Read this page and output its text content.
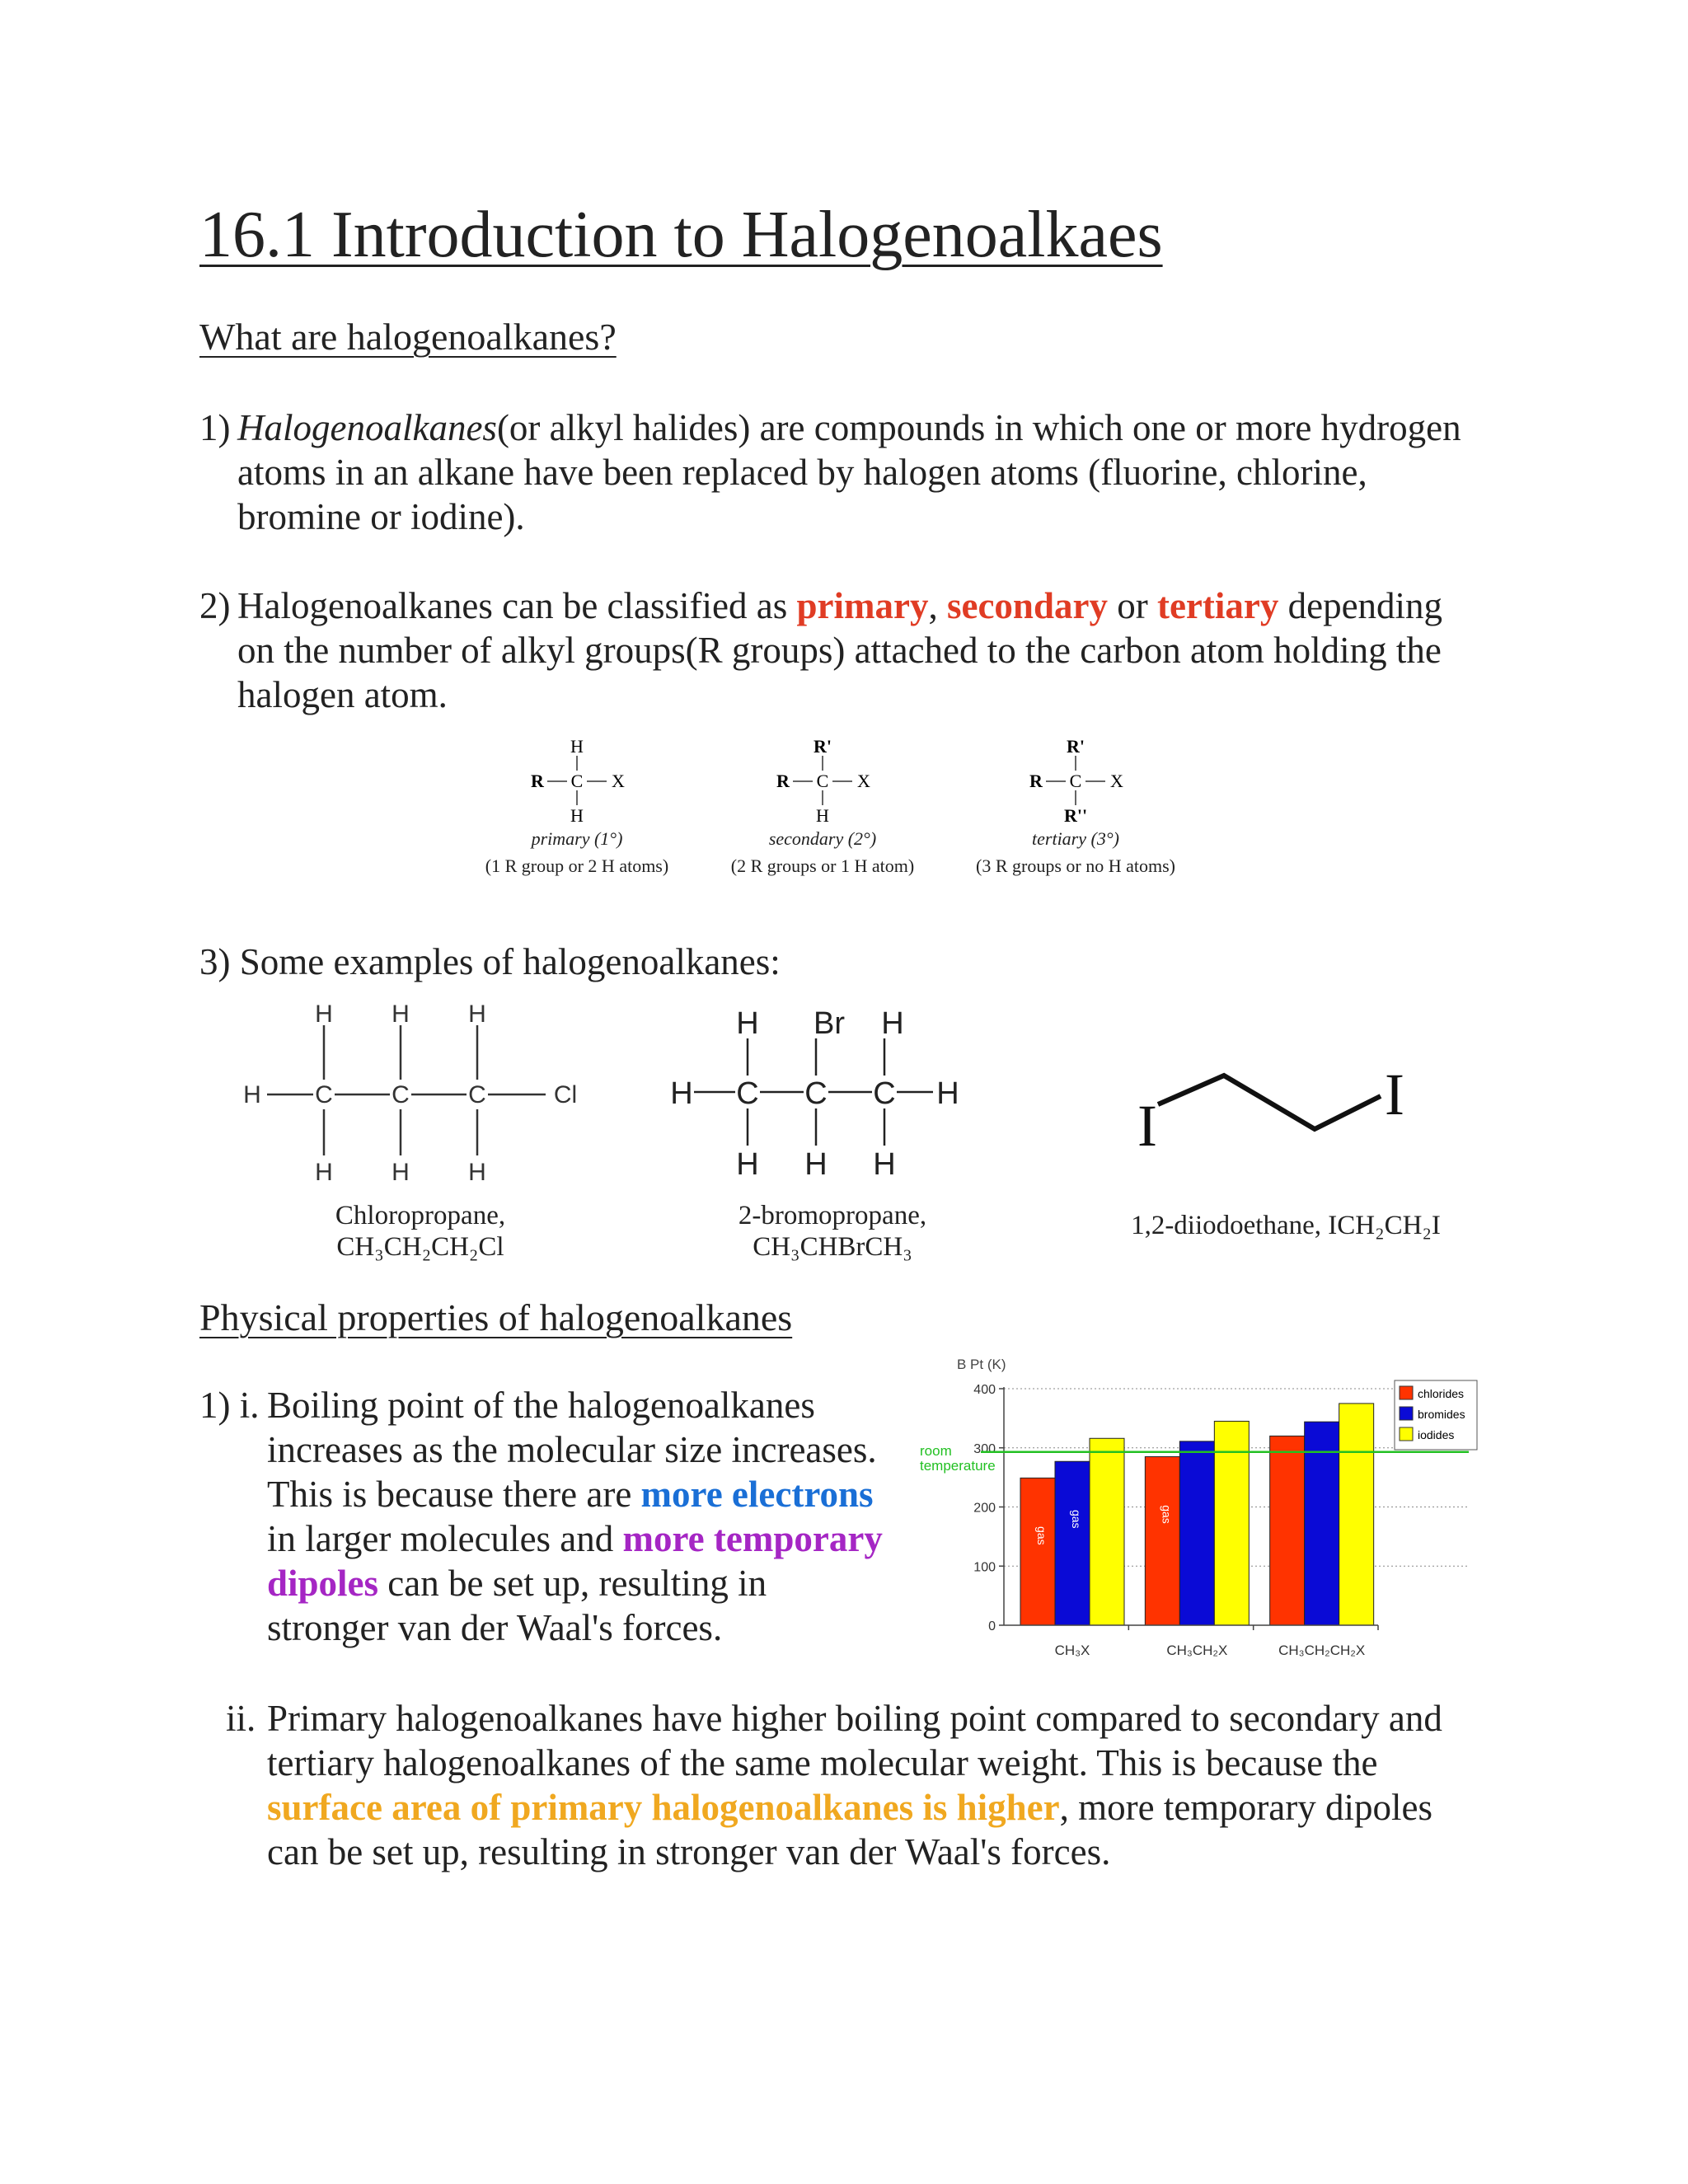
16.1 Introduction to Halogenoalkaes
What are halogenoalkanes?
1) Halogenoalkanes(or alkyl halides) are compounds in which one or more hydrogen atoms in an alkane have been replaced by halogen atoms (fluorine, chlorine, bromine or iodine).
2) Halogenoalkanes can be classified as primary, secondary or tertiary depending on the number of alkyl groups(R groups) attached to the carbon atom holding the halogen atom.
H
R C X
H
primary (1°)
(1 R group or 2 H atoms)
R'
R C X
H
secondary (2°)
(2 R groups or 1 H atom)
R'
R C X
R''
tertiary (3°)
(3 R groups or no H atoms)
3) Some examples of halogenoalkanes:
H H H
H C C C	Cl
H H H
Chloropropane,
CH₃CH₂CH₂Cl
H Br H
H C C C H
H H H
2-bromopropane,
CH₃CHBrCH₃
I	I
1,2-diiodoethane, ICH₂CH₂I
Physical properties of halogenoalkanes
1) i. Boiling point of the halogenoalkanes increases as the molecular size increases. This is because there are more electrons in larger molecules and more temporary dipoles can be set up, resulting in stronger van der Waal's forces.
ii. Primary halogenoalkanes have higher boiling point compared to secondary and tertiary halogenoalkanes of the same molecular weight. This is because the surface area of primary halogenoalkanes is higher, more temporary dipoles can be set up, resulting in stronger van der Waal's forces.
B Pt (K)
gas
gas	gas
0
100
200
300
400
CH₃X	CH₃CH₂X	CH₃CH₂CH₂X
room
temperature
chlorides
bromides
iodides
